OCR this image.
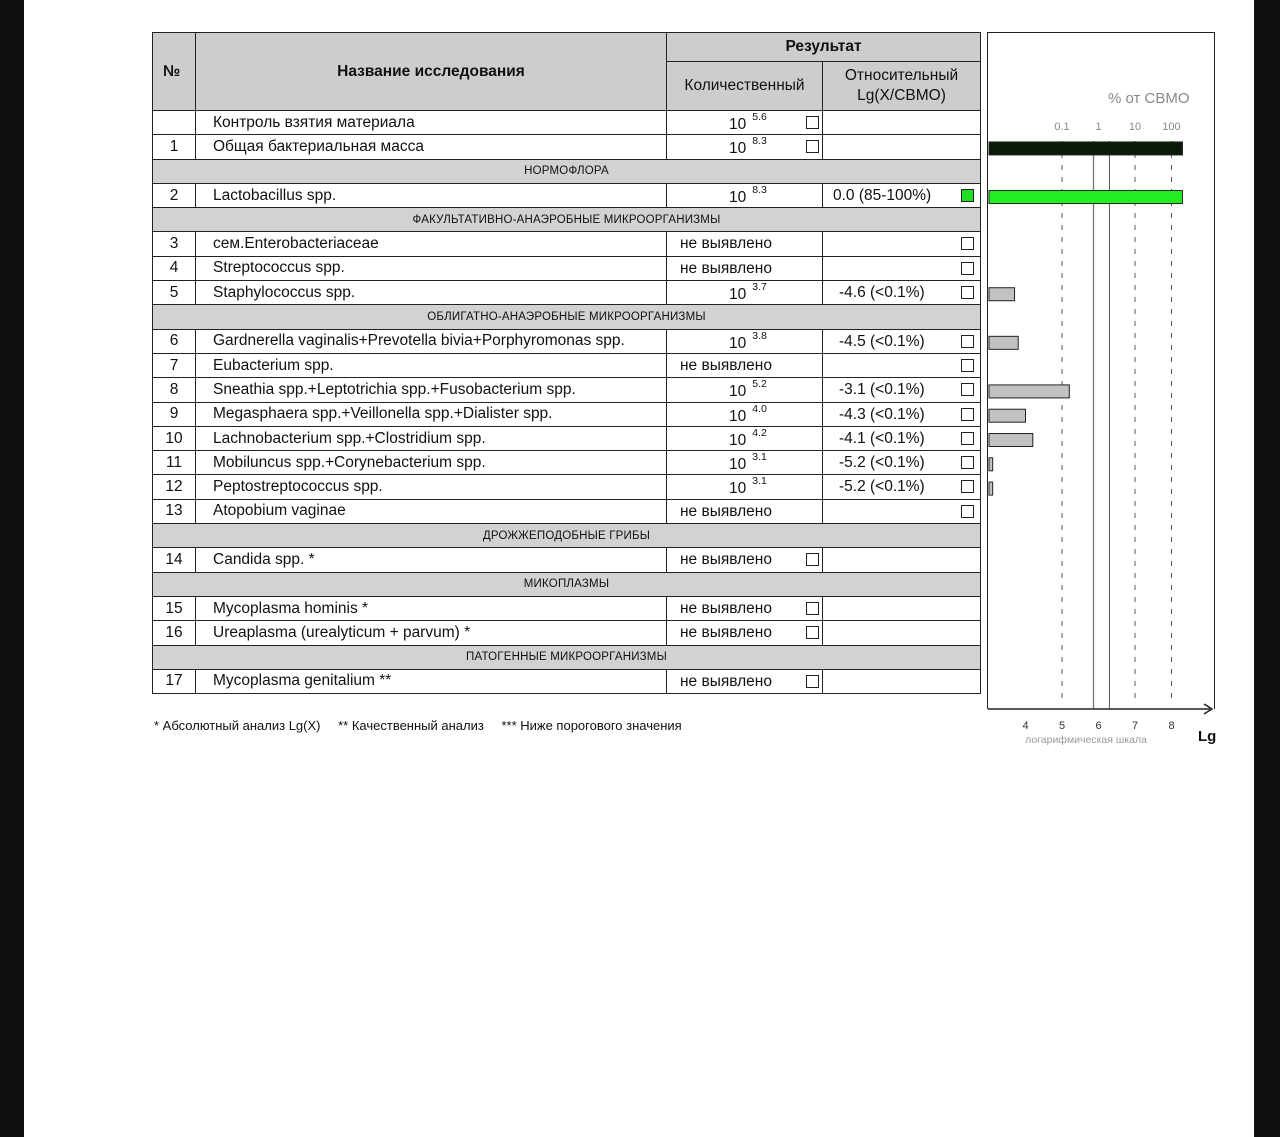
№	Название исследования	Результат	
		Количественный	Относительный
Lg(X/СВМО)

	Контроль взятия материала	10 $^{5.6}$

1	Общая бактериальная масса	10 $^{8.3}$

НОРМОФЛОРА			
2	Lactobacillus spp.	10 $^{8.3}$	0.0 (85-100%)

ФАКУЛЬТАТИВНО-АНАЭРОБНЫЕ МИКРООРГАНИЗМЫ			
3	сем.Enterobacteriaceae	не выявлено	

4	Streptococcus spp.	не выявлено	

5	Staphylococcus spp.	10 $^{3.7}$	-4.6 (<0.1%)

ОБЛИГАТНО-АНАЭРОБНЫЕ МИКРООРГАНИЗМЫ			
6	Gardnerella vaginalis+Prevotella bivia+Porphyromonas spp.	10 $^{3.8}$	-4.5 (<0.1%)

7	Eubacterium spp.	не выявлено	

8	Sneathia spp.+Leptotrichia spp.+Fusobacterium spp.	10 $^{5.2}$	-3.1 (<0.1%)

9	Megasphaera spp.+Veillonella spp.+Dialister spp.	10 $^{4.0}$	-4.3 (<0.1%)

10	Lachnobacterium spp.+Clostridium spp.	10 $^{4.2}$	-4.1 (<0.1%)

11	Mobiluncus spp.+Corynebacterium spp.	10 $^{3.1}$	-5.2 (<0.1%)

12	Peptostreptococcus spp.	10 $^{3.1}$	-5.2 (<0.1%)

13	Atopobium vaginae	не выявлено	

ДРОЖЖЕПОДОБНЫЕ ГРИБЫ			
14	Candida spp. *	не выявлено	

МИКОПЛАЗМЫ			
15	Mycoplasma hominis *	не выявлено	

16	Ureaplasma (urealyticum + parvum) *	не выявлено	

ПАТОГЕННЫЕ МИКРООРГАНИЗМЫ			
17	Mycoplasma genitalium **	не выявлено	

% от СВМО
0.1 1 10 100
4	5	6	7	8
логарифмическая шкала	Lg
* Абсолютный анализ Lg(X) ** Качественный анализ *** Ниже порогового значения
